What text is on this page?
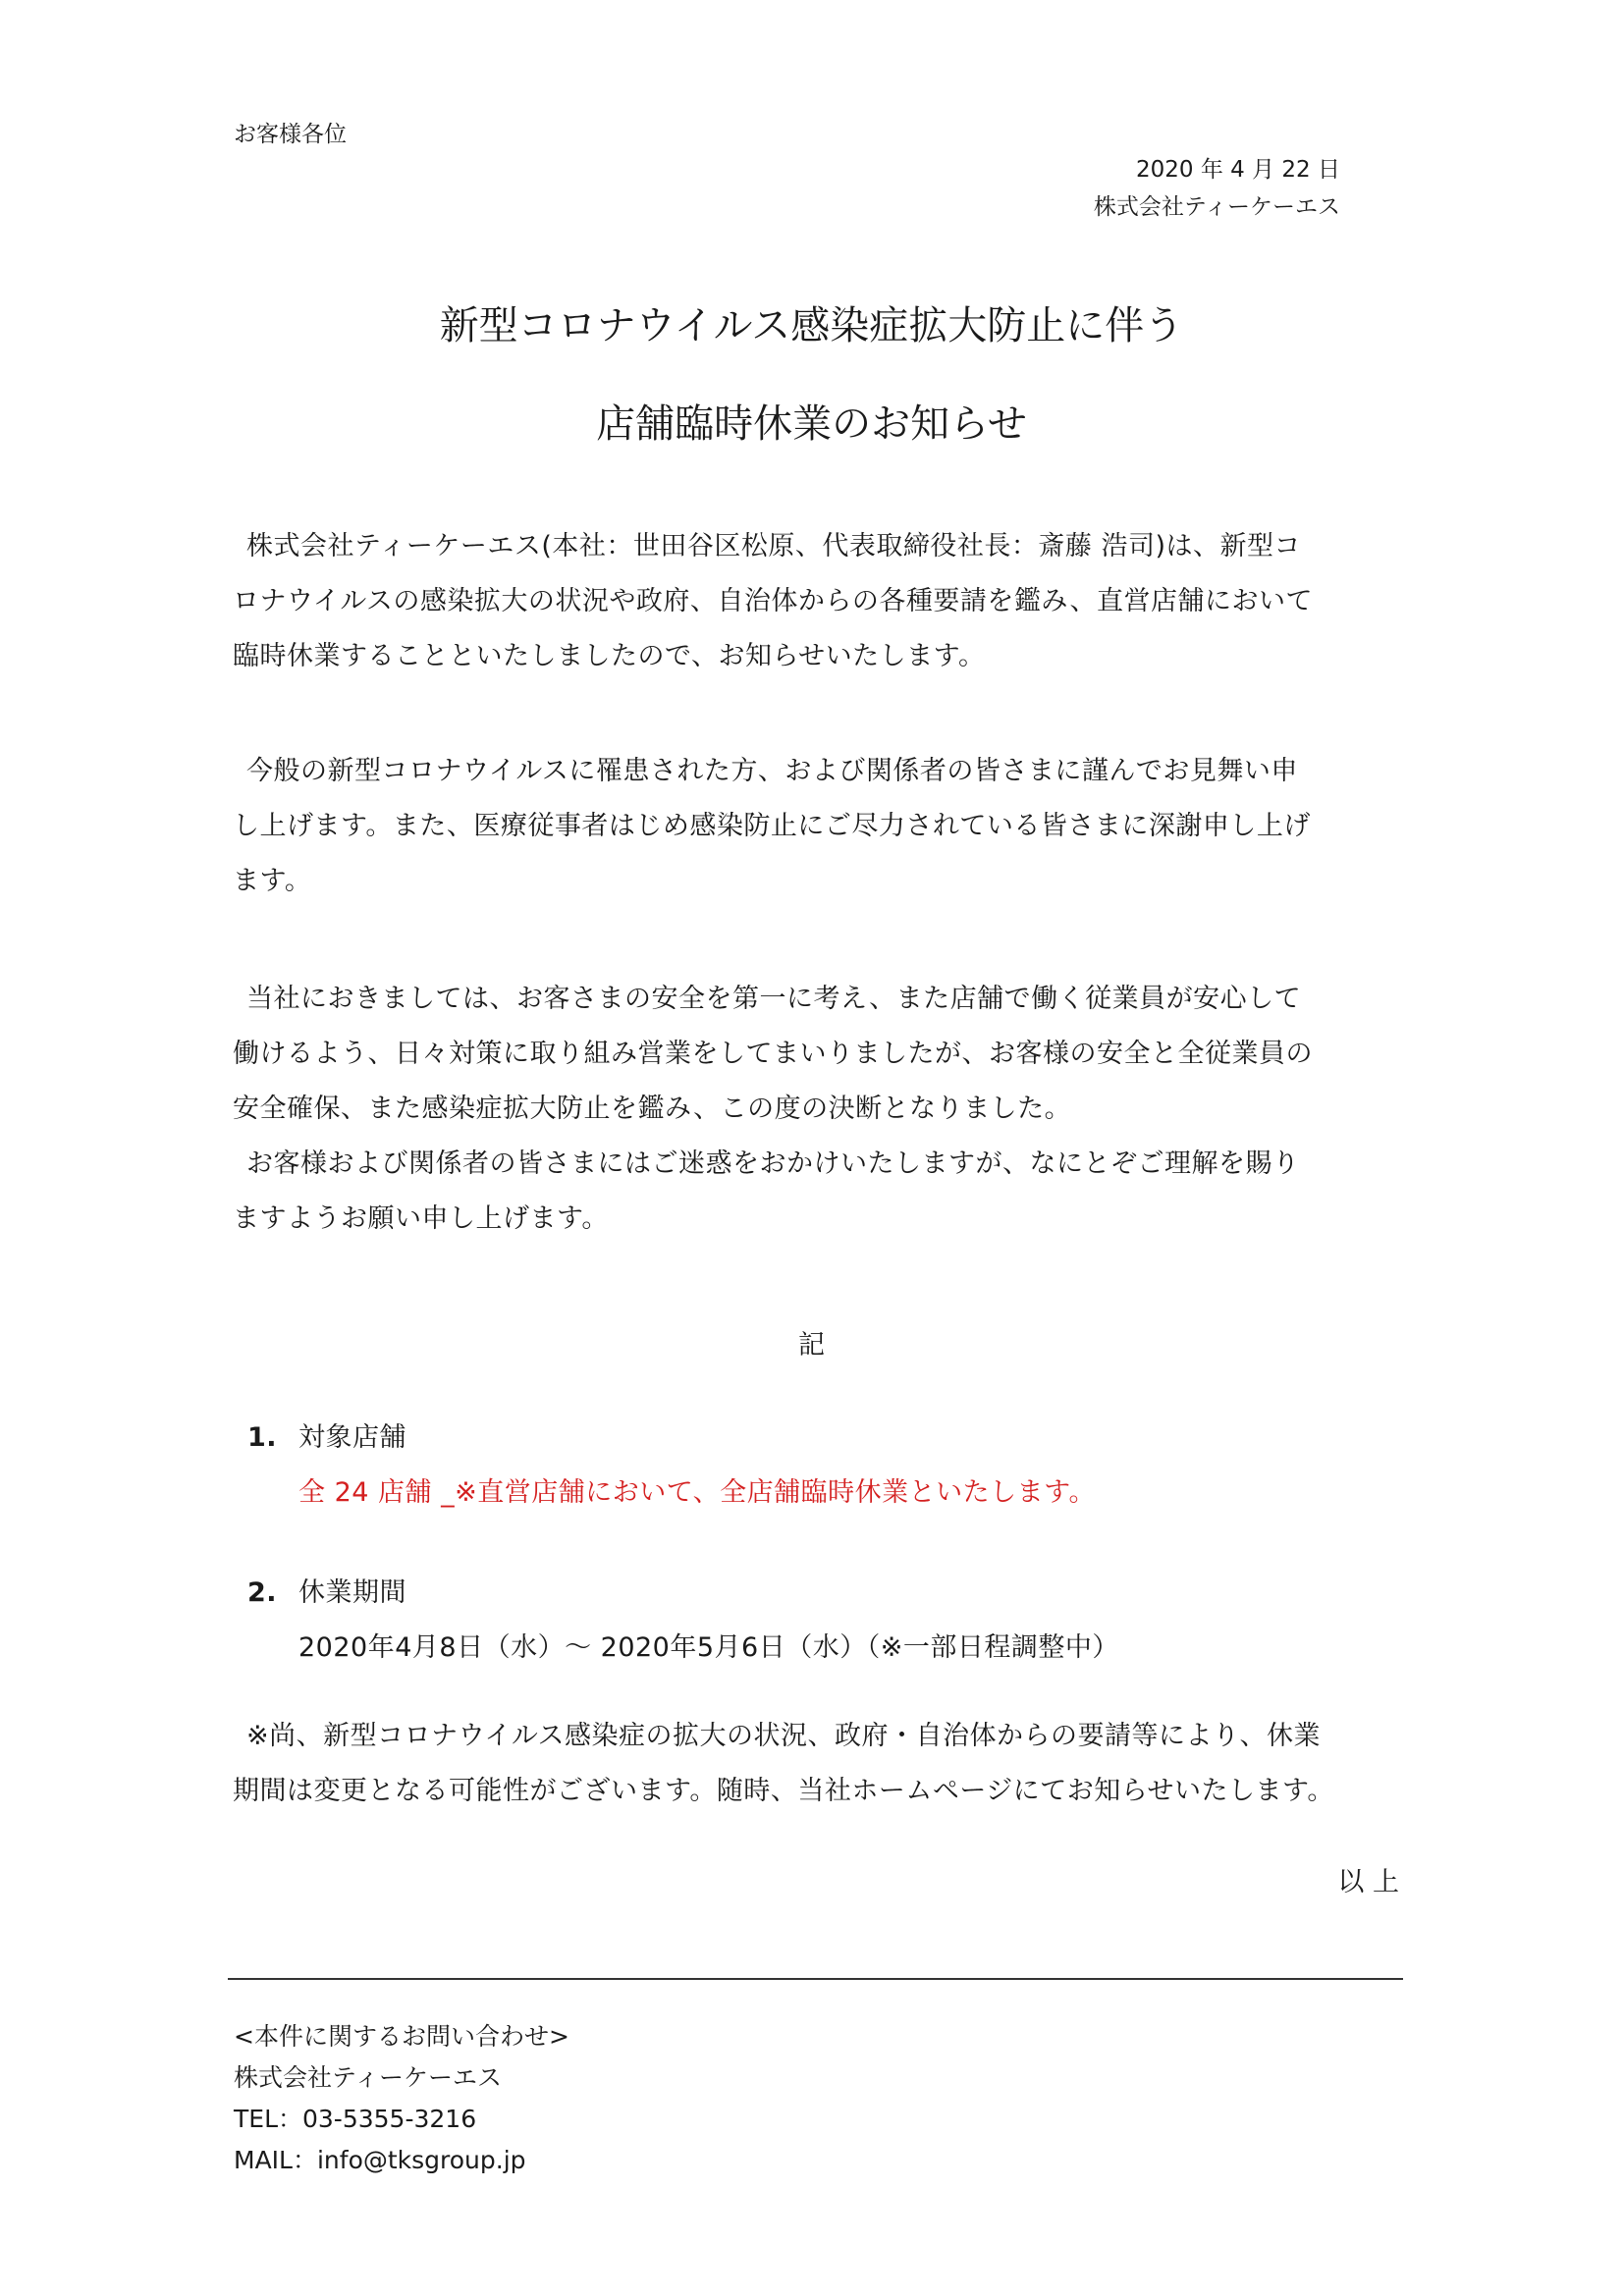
お客様各位
2020 年 4 月 22 日
株式会社ティーケーエス
新型コロナウイルス感染症拡大防止に伴う
店舗臨時休業のお知らせ
株式会社ティーケーエス(本社：世田谷区松原、代表取締役社長：斎藤 浩司)は、新型コ
ロナウイルスの感染拡大の状況や政府、自治体からの各種要請を鑑み、直営店舗において
臨時休業することといたしましたので、お知らせいたします。
今般の新型コロナウイルスに罹患された方、および関係者の皆さまに謹んでお見舞い申
し上げます。また、医療従事者はじめ感染防止にご尽力されている皆さまに深謝申し上げ
ます。
当社におきましては、お客さまの安全を第一に考え、また店舗で働く従業員が安心して
働けるよう、日々対策に取り組み営業をしてまいりましたが、お客様の安全と全従業員の
安全確保、また感染症拡大防止を鑑み、この度の決断となりました。
お客様および関係者の皆さまにはご迷惑をおかけいたしますが、なにとぞご理解を賜り
ますようお願い申し上げます。
記
1. 対象店舗
全 24 店舗 _※直営店舗において、全店舗臨時休業といたします。
2. 休業期間
2020年4月8日（水）～ 2020年5月6日（水）（※一部日程調整中）
※尚、新型コロナウイルス感染症の拡大の状況、政府・自治体からの要請等により、休業
期間は変更となる可能性がございます。随時、当社ホームページにてお知らせいたします。
以 上
<本件に関するお問い合わせ>
株式会社ティーケーエス
TEL：03-5355-3216
MAIL：info@tksgroup.jp
